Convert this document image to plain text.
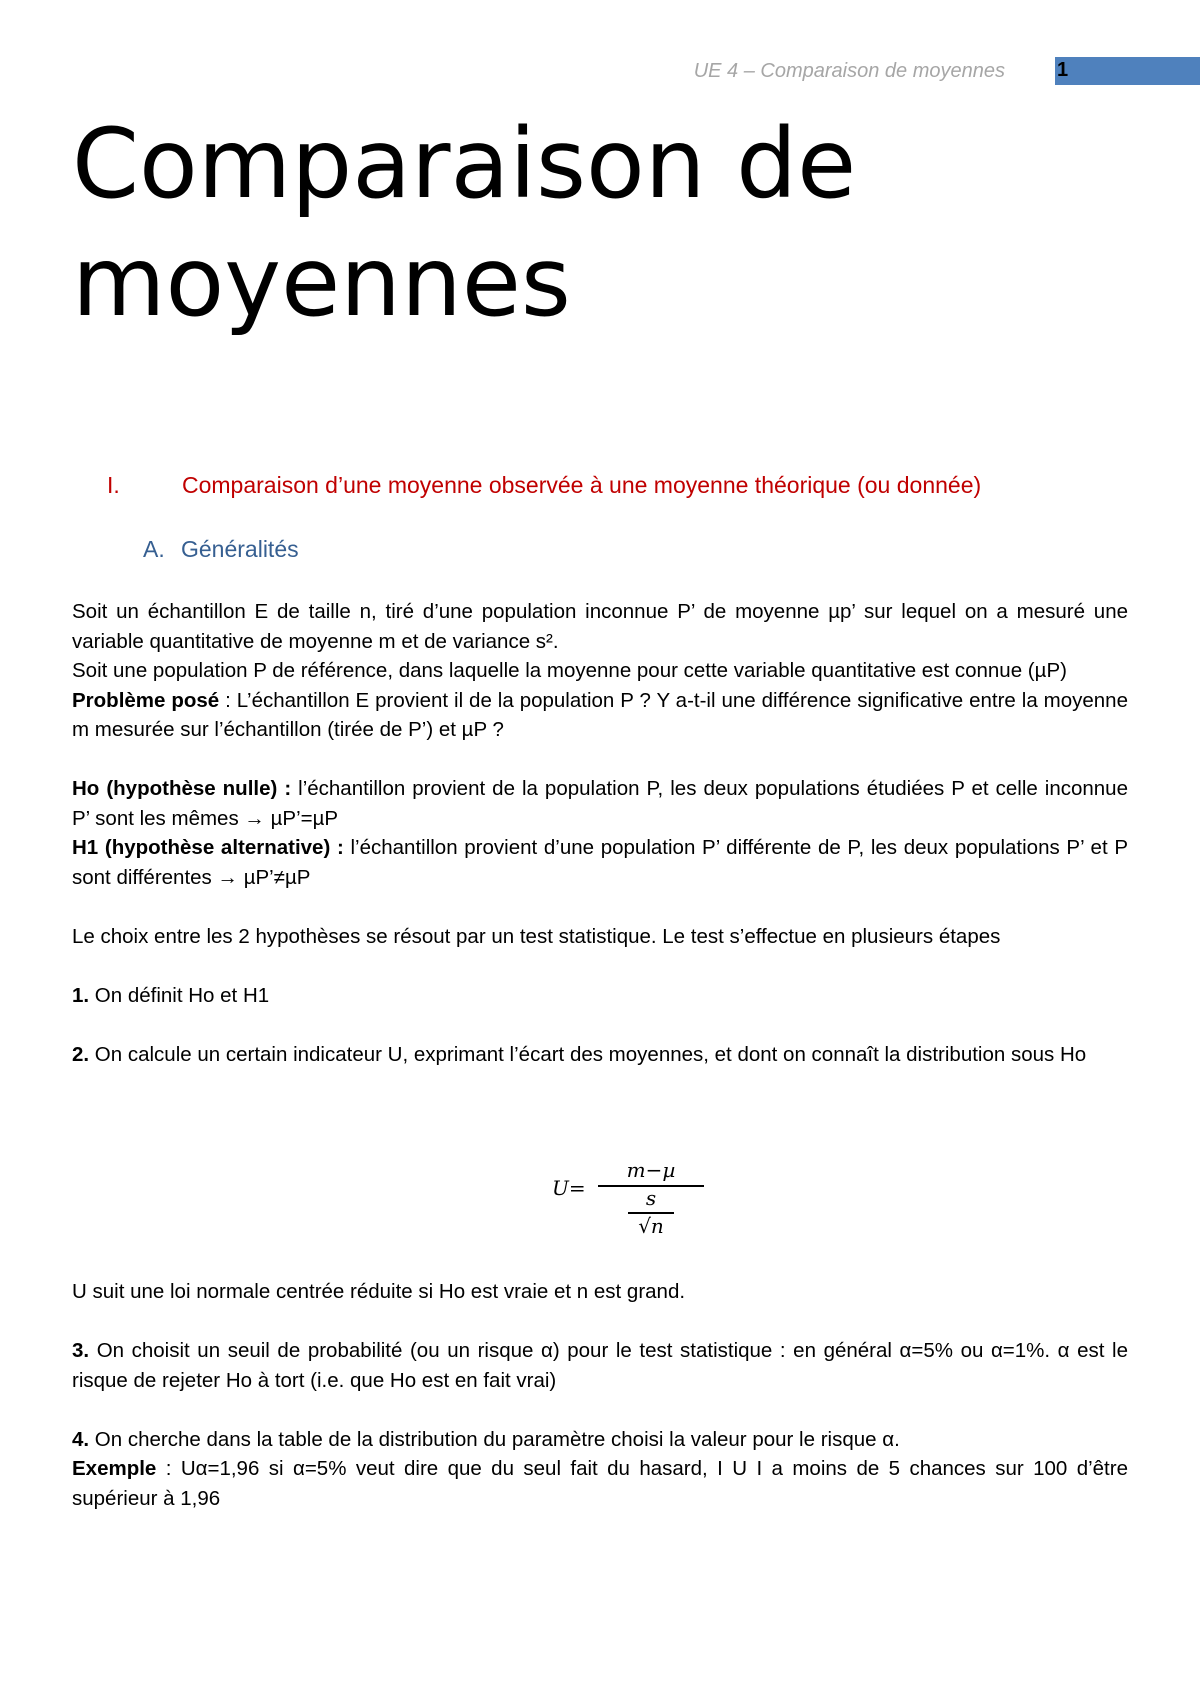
UE 4 – Comparaison de moyennes	1
Comparaison de moyennes
I.	Comparaison d’une moyenne observée à une moyenne théorique (ou donnée)
A. Généralités

Soit un échantillon E de taille n, tiré d’une population inconnue P’ de moyenne µp’ sur lequel on a mesuré une variable quantitative de moyenne m et de variance s².

Soit une population P de référence, dans laquelle la moyenne pour cette variable quantitative est connue (µP)

Problème posé : L’échantillon E provient il de la population P ? Y a-t-il une différence significative entre la moyenne m mesurée sur l’échantillon (tirée de P’) et µP ?

Ho (hypothèse nulle) : l’échantillon provient de la population P, les deux populations étudiées P et celle inconnue P’ sont les mêmes → µP’=µP

H1 (hypothèse alternative) : l’échantillon provient d’une population P’ différente de P, les deux populations P’ et P sont différentes → µP’≠µP

Le choix entre les 2 hypothèses se résout par un test statistique. Le test s’effectue en plusieurs étapes

1. On définit Ho et H1

2. On calcule un certain indicateur U, exprimant l’écart des moyennes, et dont on connaît la distribution sous Ho

U=
m−µ
s
√n

U suit une loi normale centrée réduite si Ho est vraie et n est grand.

3. On choisit un seuil de probabilité (ou un risque α) pour le test statistique : en général α=5% ou α=1%. α est le risque de rejeter Ho à tort (i.e. que Ho est en fait vrai)

4. On cherche dans la table de la distribution du paramètre choisi la valeur pour le risque α.

Exemple : Uα=1,96 si α=5% veut dire que du seul fait du hasard, I U I a moins de 5 chances sur 100 d’être supérieur à 1,96
